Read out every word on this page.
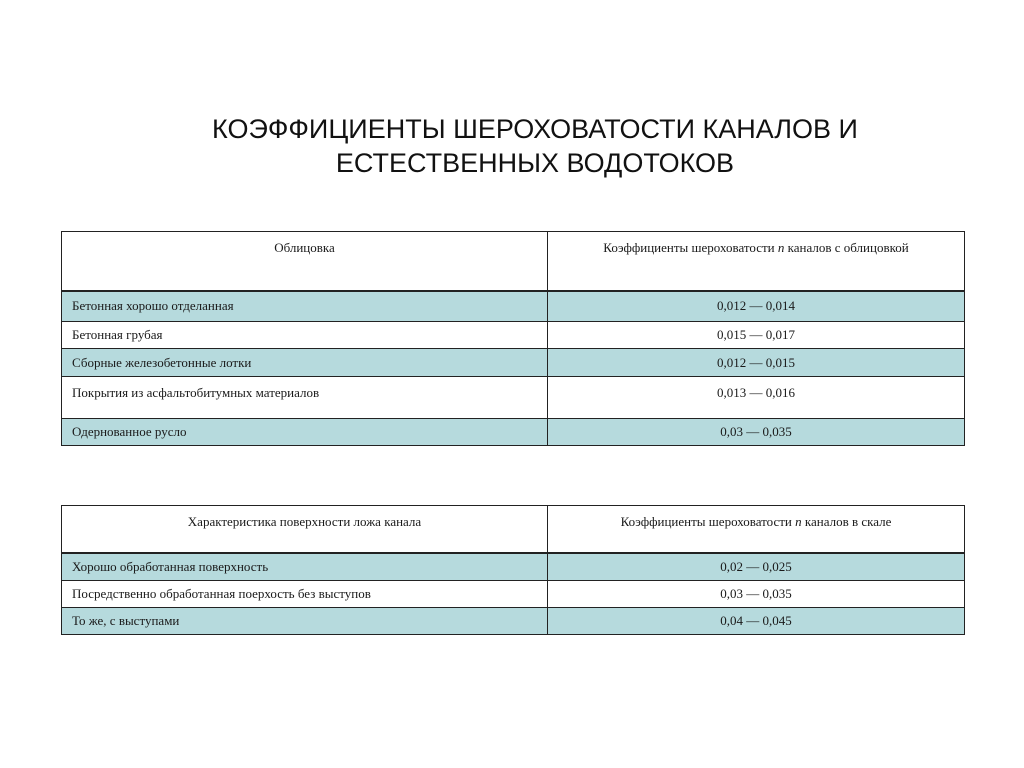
КОЭФФИЦИЕНТЫ ШЕРОХОВАТОСТИ КАНАЛОВ И
ЕСТЕСТВЕННЫХ ВОДОТОКОВ
Облицовка	Коэффициенты шероховатости n каналов с облицовкой
Бетонная хорошо отделанная	0,012 — 0,014
Бетонная грубая	0,015 — 0,017
Сборные железобетонные лотки	0,012 — 0,015
Покрытия из асфальтобитумных материалов	0,013 — 0,016
Одернованное русло	0,03 — 0,035
Характеристика поверхности ложа канала	Коэффициенты шероховатости n каналов в скале
Хорошо обработанная поверхность	0,02 — 0,025
Посредственно обработанная поерхость без выступов	0,03 — 0,035
То же, с выступами	0,04 — 0,045
